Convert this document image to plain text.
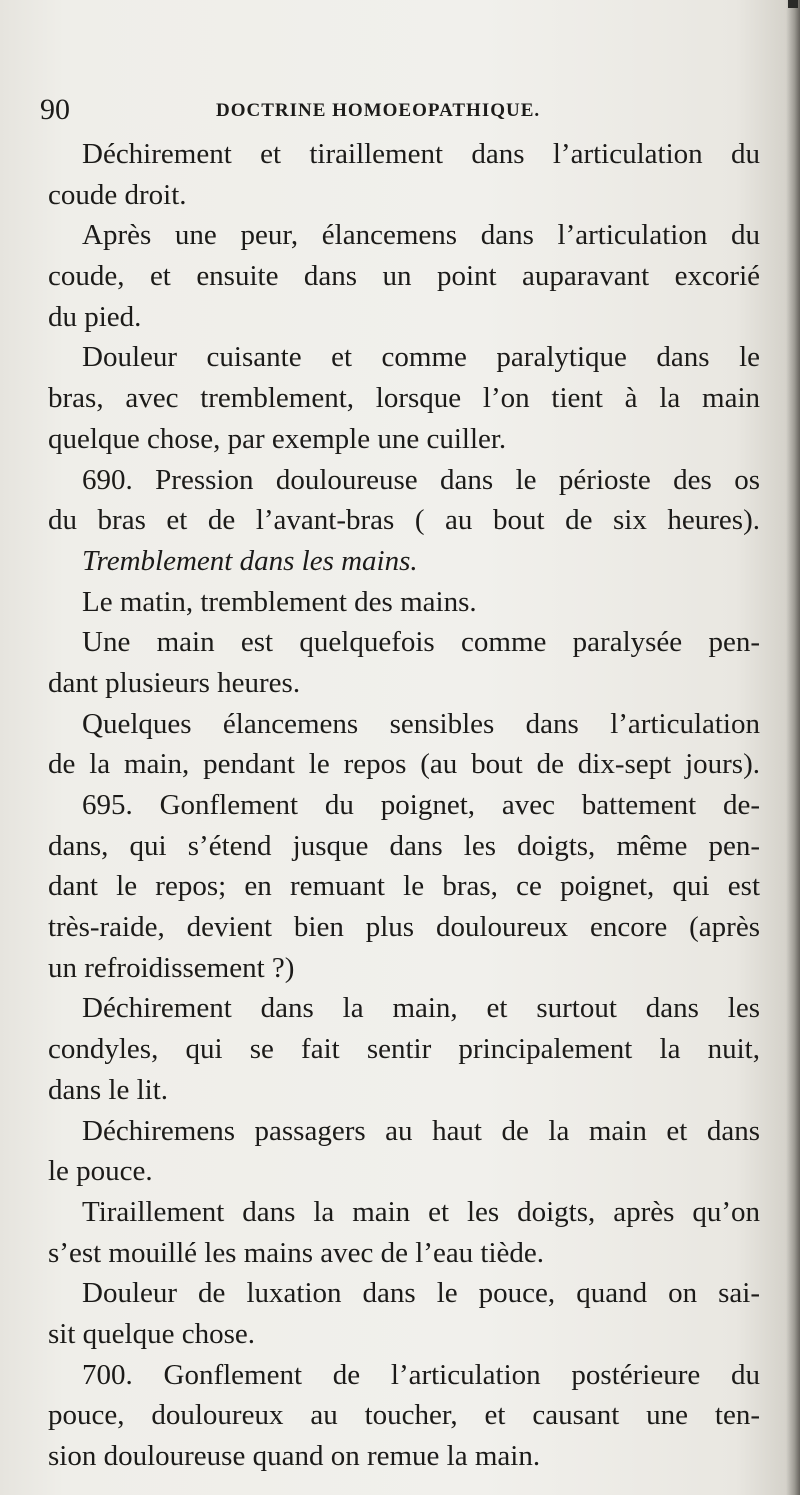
90	DOCTRINE HOMOEOPATHIQUE.
Déchirement et tiraillement dans l’articulation du
coude droit.
Après une peur, élancemens dans l’articulation du
coude, et ensuite dans un point auparavant excorié
du pied.
Douleur cuisante et comme paralytique dans le
bras, avec tremblement, lorsque l’on tient à la main
quelque chose, par exemple une cuiller.
690. Pression douloureuse dans le périoste des os
du bras et de l’avant-bras ( au bout de six heures).
Tremblement dans les mains.
Le matin, tremblement des mains.
Une main est quelquefois comme paralysée pen-
dant plusieurs heures.
Quelques élancemens sensibles dans l’articulation
de la main, pendant le repos (au bout de dix-sept jours).
695. Gonflement du poignet, avec battement de-
dans, qui s’étend jusque dans les doigts, même pen-
dant le repos; en remuant le bras, ce poignet, qui est
très-raide, devient bien plus douloureux encore (après
un refroidissement ?)
Déchirement dans la main, et surtout dans les
condyles, qui se fait sentir principalement la nuit,
dans le lit.
Déchiremens passagers au haut de la main et dans
le pouce.
Tiraillement dans la main et les doigts, après qu’on
s’est mouillé les mains avec de l’eau tiède.
Douleur de luxation dans le pouce, quand on sai-
sit quelque chose.
700. Gonflement de l’articulation postérieure du
pouce, douloureux au toucher, et causant une ten-
sion douloureuse quand on remue la main.
